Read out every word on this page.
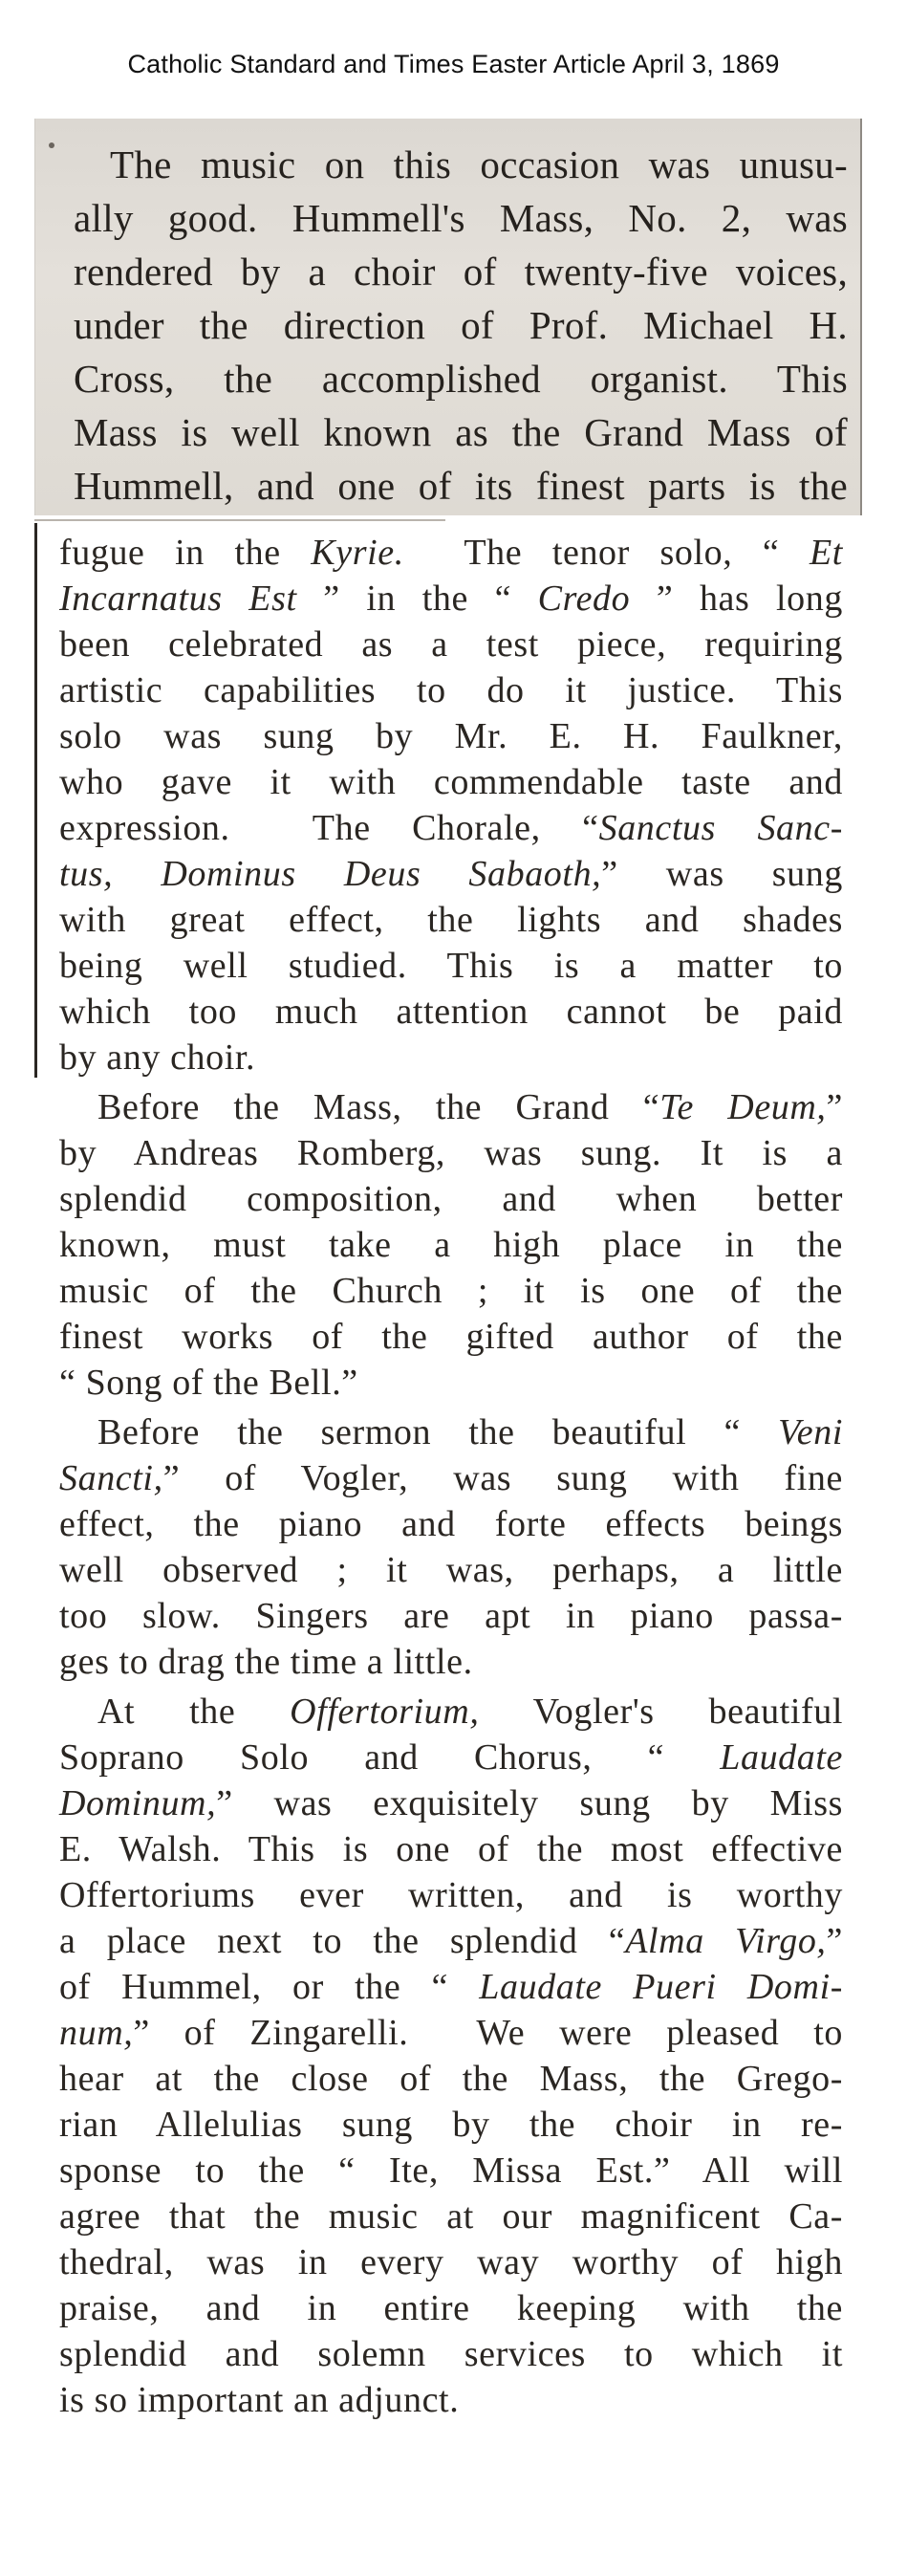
Catholic Standard and Times Easter Article April 3, 1869
The music on this occasion was unusu-
ally good. Hummell's Mass, No. 2, was
rendered by a choir of twenty-five voices,
under the direction of Prof. Michael H.
Cross, the accomplished organist. This
Mass is well known as the Grand Mass of
Hummell, and one of its finest parts is the
fugue in the Kyrie.  The tenor solo, “ Et
Incarnatus Est ” in the “ Credo ” has long
been celebrated as a test piece, requiring
artistic capabilities to do it justice. This
solo was sung by Mr. E. H. Faulkner,
who gave it with commendable taste and
expression.  The Chorale, “Sanctus Sanc-
tus, Dominus Deus Sabaoth,” was sung
with great effect, the lights and shades
being well studied. This is a matter to
which too much attention cannot be paid
by any choir.
Before the Mass, the Grand “Te Deum,”
by Andreas Romberg, was sung. It is a
splendid composition, and when better
known, must take a high place in the
music of the Church ; it is one of the
finest works of the gifted author of the
“ Song of the Bell.”
Before the sermon the beautiful “ Veni
Sancti,” of Vogler, was sung with fine
effect, the piano and forte effects beings
well observed ; it was, perhaps, a little
too slow. Singers are apt in piano passa-
ges to drag the time a little.
At the Offertorium, Vogler's beautiful
Soprano Solo and Chorus, “ Laudate
Dominum,” was exquisitely sung by Miss
E. Walsh. This is one of the most effective
Offertoriums ever written, and is worthy
a place next to the splendid “Alma Virgo,”
of Hummel, or the “ Laudate Pueri Domi-
num,” of Zingarelli.  We were pleased to
hear at the close of the Mass, the Grego-
rian Allelulias sung by the choir in re-
sponse to the “ Ite, Missa Est.” All will
agree that the music at our magnificent Ca-
thedral, was in every way worthy of high
praise, and in entire keeping with the
splendid and solemn services to which it
is so important an adjunct.
